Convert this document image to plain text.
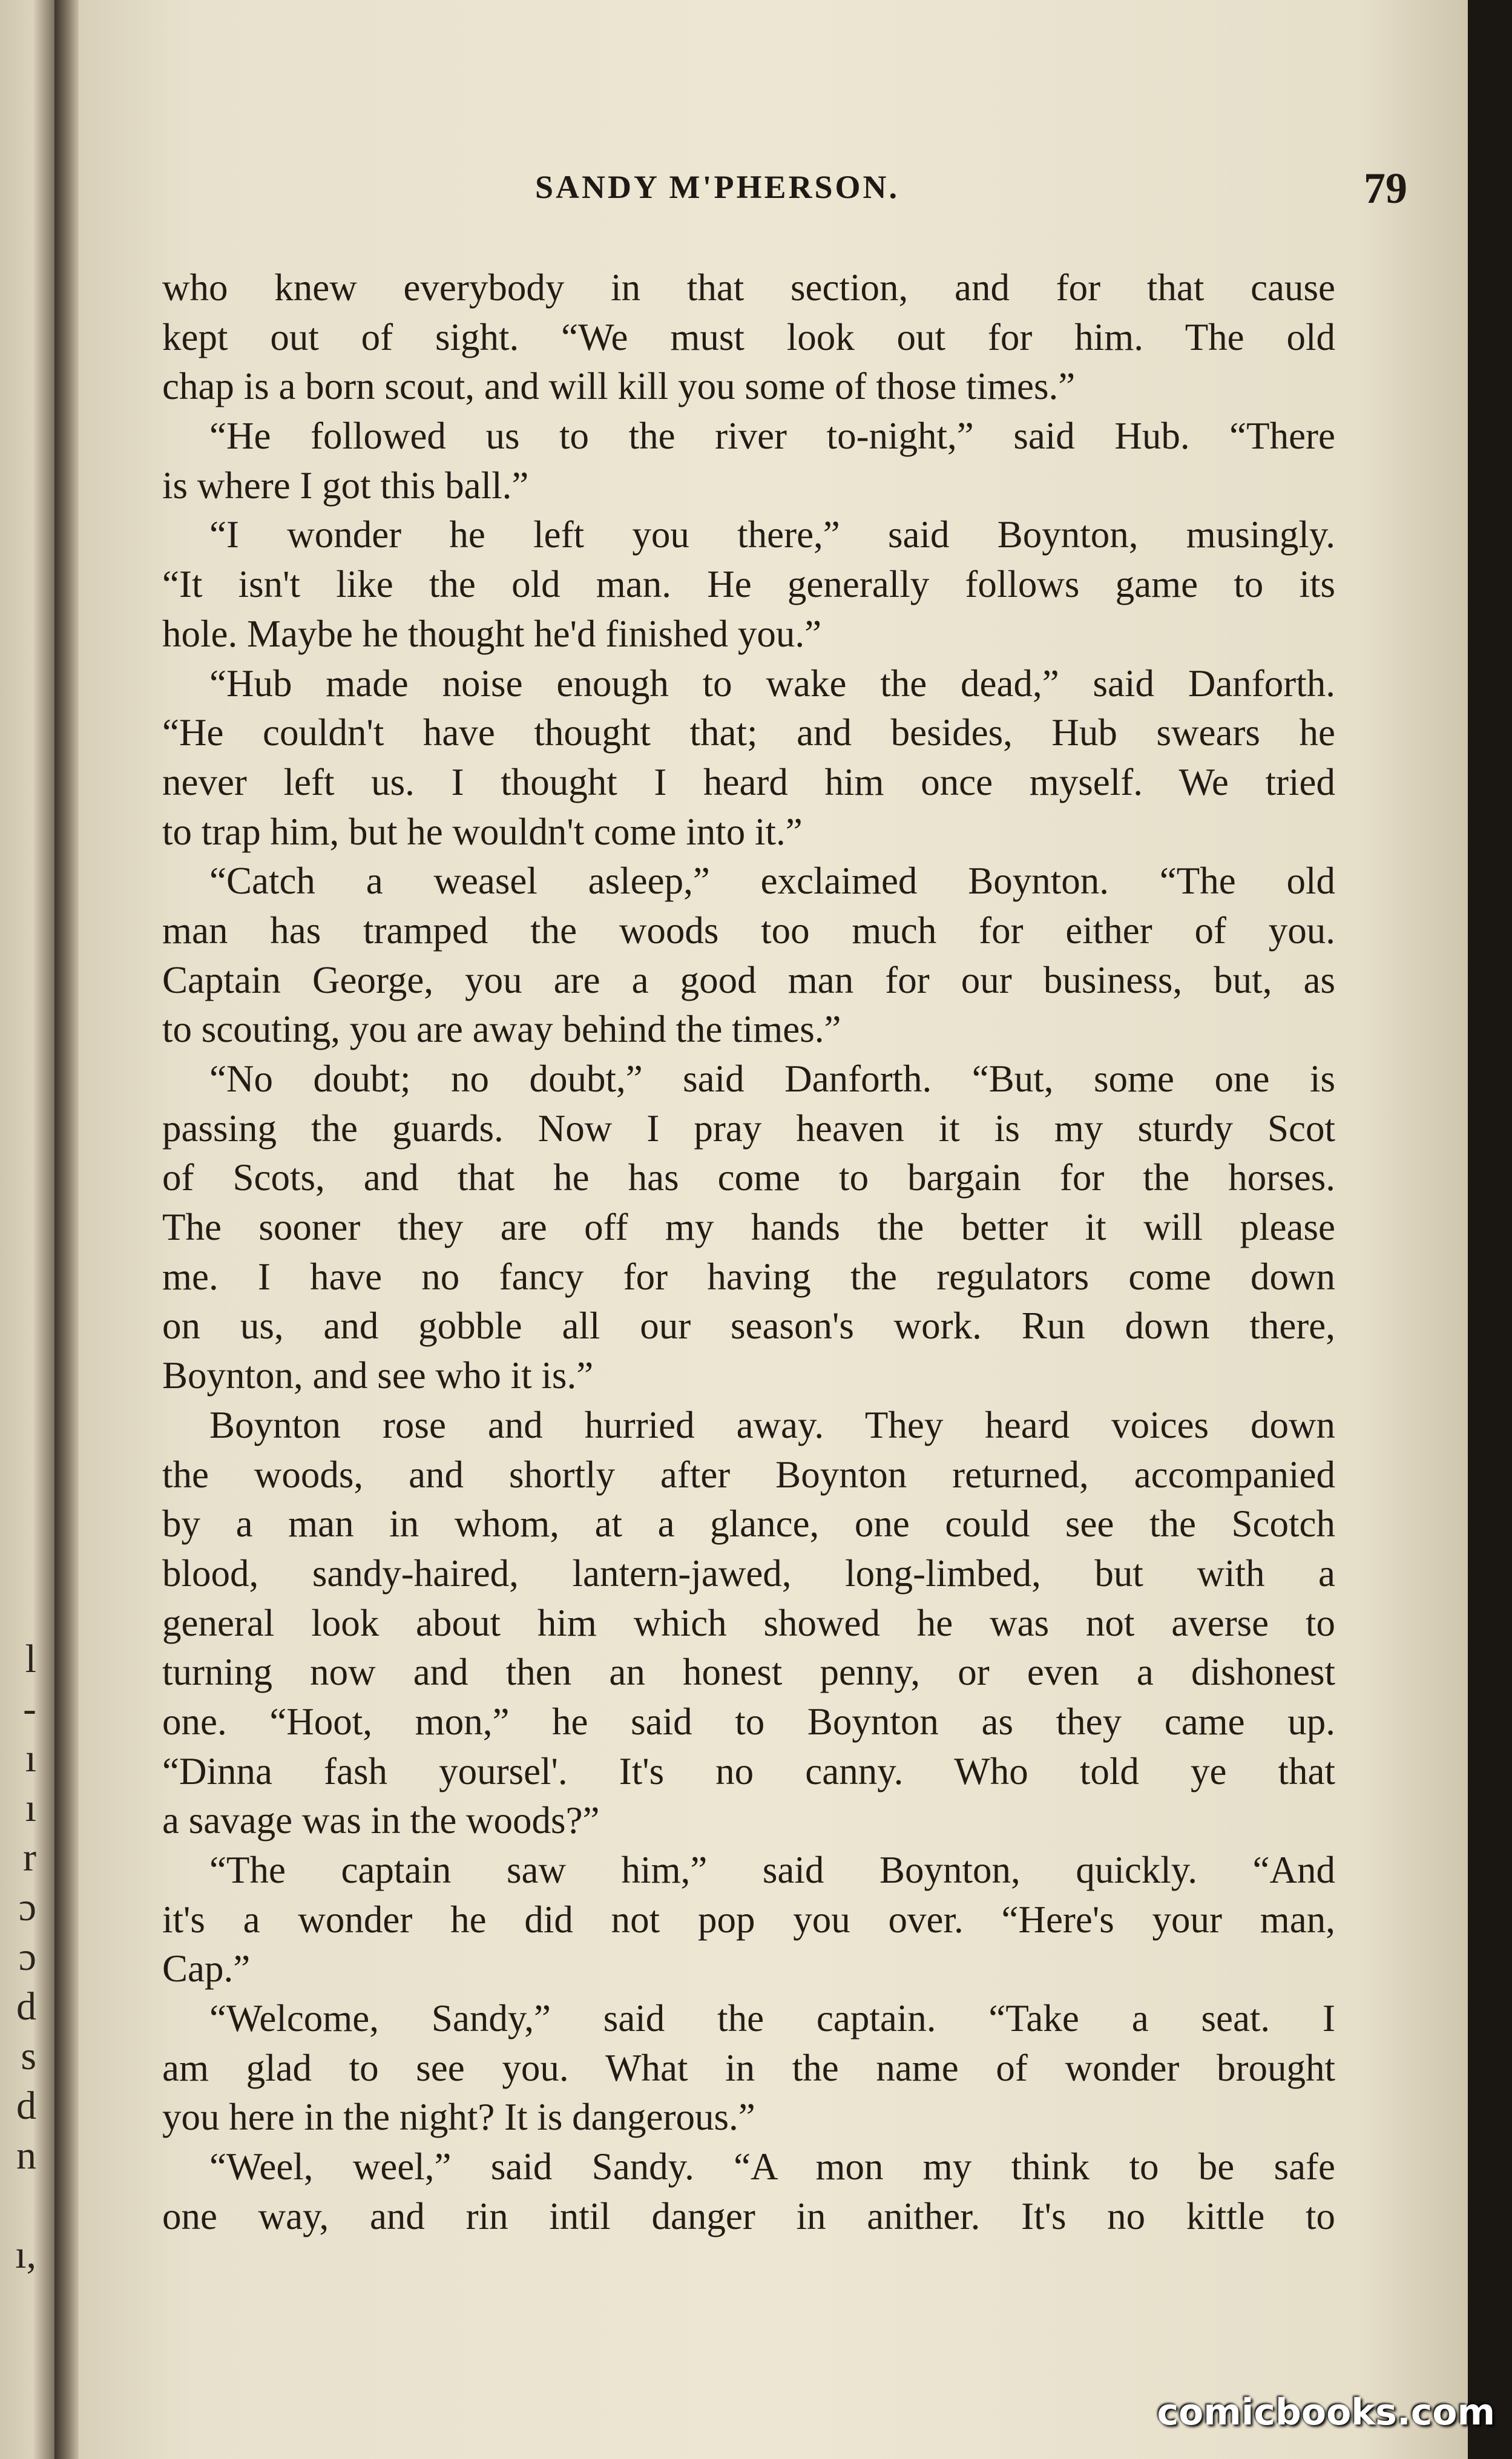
l
-
ı
ı
r
ɔ
ɔ
d
s
d
n
ı,
SANDY M'PHERSON.	79
who knew everybody in that section, and for that cause
kept out of sight. “We must look out for him. The old
chap is a born scout, and will kill you some of those times.”
“He followed us to the river to-night,” said Hub. “There
is where I got this ball.”
“I wonder he left you there,” said Boynton, musingly.
“It isn't like the old man. He generally follows game to its
hole. Maybe he thought he'd finished you.”
“Hub made noise enough to wake the dead,” said Danforth.
“He couldn't have thought that; and besides, Hub swears he
never left us. I thought I heard him once myself. We tried
to trap him, but he wouldn't come into it.”
“Catch a weasel asleep,” exclaimed Boynton. “The old
man has tramped the woods too much for either of you.
Captain George, you are a good man for our business, but, as
to scouting, you are away behind the times.”
“No doubt; no doubt,” said Danforth. “But, some one is
passing the guards. Now I pray heaven it is my sturdy Scot
of Scots, and that he has come to bargain for the horses.
The sooner they are off my hands the better it will please
me. I have no fancy for having the regulators come down
on us, and gobble all our season's work. Run down there,
Boynton, and see who it is.”
Boynton rose and hurried away. They heard voices down
the woods, and shortly after Boynton returned, accompanied
by a man in whom, at a glance, one could see the Scotch
blood, sandy-haired, lantern-jawed, long-limbed, but with a
general look about him which showed he was not averse to
turning now and then an honest penny, or even a dishonest
one. “Hoot, mon,” he said to Boynton as they came up.
“Dinna fash yoursel'. It's no canny. Who told ye that
a savage was in the woods?”
“The captain saw him,” said Boynton, quickly. “And
it's a wonder he did not pop you over. “Here's your man,
Cap.”
“Welcome, Sandy,” said the captain. “Take a seat. I
am glad to see you. What in the name of wonder brought
you here in the night? It is dangerous.”
“Weel, weel,” said Sandy. “A mon my think to be safe
one way, and rin intil danger in anither. It's no kittle to
comicbooks.com
